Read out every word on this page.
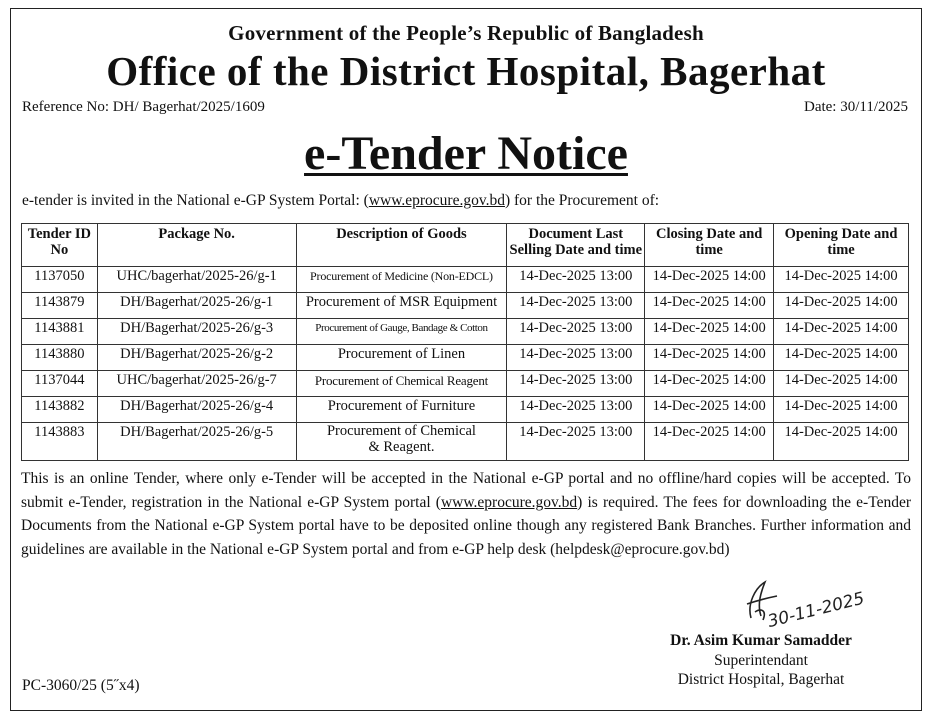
Government of the People’s Republic of Bangladesh
Office of the District Hospital, Bagerhat
Reference No: DH/ Bagerhat/2025/1609	Date: 30/11/2025
e-Tender Notice
e-tender is invited in the National e-GP System Portal: (www.eprocure.gov.bd) for the Procurement of:
Tender ID No	Package No.	Description of Goods	Document Last Selling Date and time	Closing Date and time	Opening Date and time
1137050	UHC/bagerhat/2025-26/g-1	Procurement of Medicine (Non-EDCL)	14-Dec-2025 13:00	14-Dec-2025 14:00	14-Dec-2025 14:00
1143879	DH/Bagerhat/2025-26/g-1	Procurement of MSR Equipment	14-Dec-2025 13:00	14-Dec-2025 14:00	14-Dec-2025 14:00
1143881	DH/Bagerhat/2025-26/g-3	Procurement of Gauge, Bandage & Cotton	14-Dec-2025 13:00	14-Dec-2025 14:00	14-Dec-2025 14:00
1143880	DH/Bagerhat/2025-26/g-2	Procurement of Linen	14-Dec-2025 13:00	14-Dec-2025 14:00	14-Dec-2025 14:00
1137044	UHC/bagerhat/2025-26/g-7	Procurement of Chemical Reagent	14-Dec-2025 13:00	14-Dec-2025 14:00	14-Dec-2025 14:00
1143882	DH/Bagerhat/2025-26/g-4	Procurement of Furniture	14-Dec-2025 13:00	14-Dec-2025 14:00	14-Dec-2025 14:00
1143883	DH/Bagerhat/2025-26/g-5	Procurement of Chemical & Reagent.	14-Dec-2025 13:00	14-Dec-2025 14:00	14-Dec-2025 14:00
This is an online Tender, where only e-Tender will be accepted in the National e-GP portal and no offline/hard copies will be accepted. To submit e-Tender, registration in the National e-GP System portal (www.eprocure.gov.bd) is required. The fees for downloading the e-Tender Documents from the National e-GP System portal have to be deposited online though any registered Bank Branches. Further information and guidelines are available in the National e-GP System portal and from e-GP help desk (helpdesk@eprocure.gov.bd)
30-11-2025
Dr. Asim Kumar Samadder
Superintendant
District Hospital, Bagerhat
PC-3060/25 (5˝x4)
